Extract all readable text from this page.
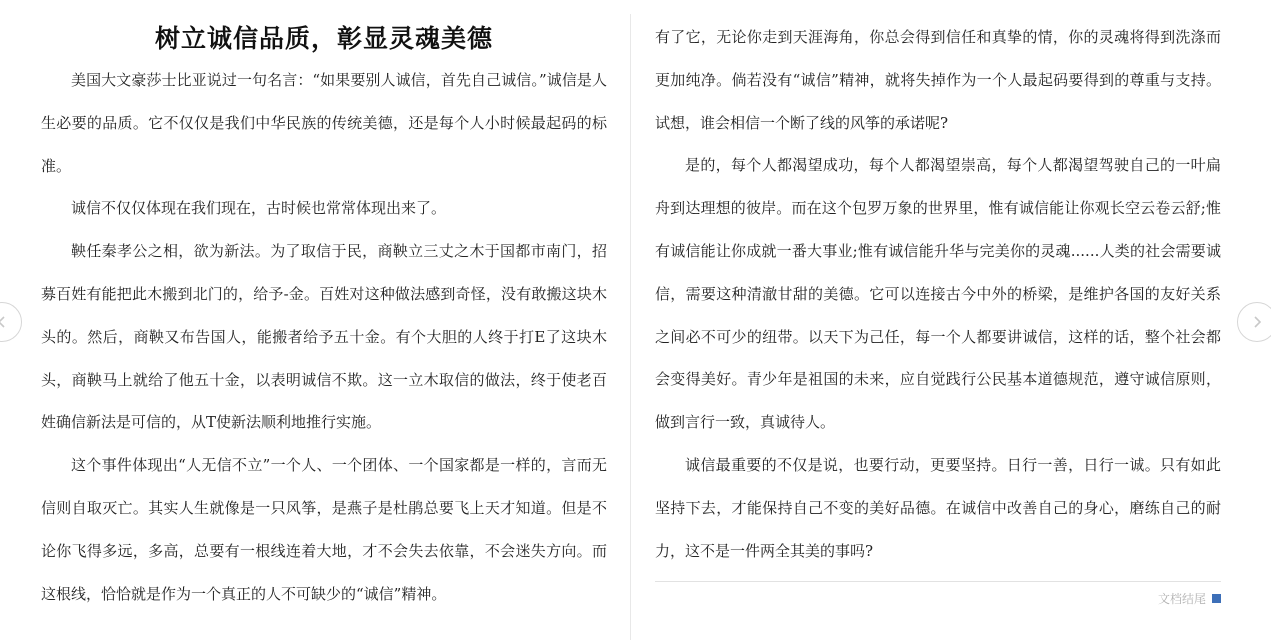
树立诚信品质，彰显灵魂美德

美国大文豪莎士比亚说过一句名言：“如果要别人诚信，首先自己诚信。”诚信是人生必要的品质。它不仅仅是我们中华民族的传统美德，还是每个人小时候最起码的标准。

诚信不仅仅体现在我们现在，古时候也常常体现出来了。

鞅任秦孝公之相，欲为新法。为了取信于民，商鞅立三丈之木于国都市南门，招募百姓有能把此木搬到北门的，给予-金。百姓对这种做法感到奇怪，没有敢搬这块木头的。然后，商鞅又布告国人，能搬者给予五十金。有个大胆的人终于打E了这块木头，商鞅马上就给了他五十金，以表明诚信不欺。这一立木取信的做法，终于使老百姓确信新法是可信的，从T使新法顺利地推行实施。

这个事件体现出“人无信不立”一个人、一个团体、一个国家都是一样的，言而无信则自取灭亡。其实人生就像是一只风筝，是燕子是杜鹃总要飞上天才知道。但是不论你飞得多远，多高，总要有一根线连着大地，才不会失去依靠，不会迷失方向。而这根线，恰恰就是作为一个真正的人不可缺少的“诚信”精神。

有了它，无论你走到天涯海角，你总会得到信任和真挚的情，你的灵魂将得到洗涤而更加纯净。倘若没有“诚信”精神，就将失掉作为一个人最起码要得到的尊重与支持。试想，谁会相信一个断了线的风筝的承诺呢?

是的，每个人都渴望成功，每个人都渴望崇高，每个人都渴望驾驶自己的一叶扁舟到达理想的彼岸。而在这个包罗万象的世界里，惟有诚信能让你观长空云卷云舒;惟有诚信能让你成就一番大事业;惟有诚信能升华与完美你的灵魂......人类的社会需要诚信，需要这种清澈甘甜的美德。它可以连接古今中外的桥梁，是维护各国的友好关系之间必不可少的纽带。以天下为己任，每一个人都要讲诚信，这样的话，整个社会都会变得美好。青少年是祖国的未来，应自觉践行公民基本道德规范，遵守诚信原则，做到言行一致，真诚待人。

诚信最重要的不仅是说，也要行动，更要坚持。日行一善，日行一诚。只有如此坚持下去，才能保持自己不变的美好品德。在诚信中改善自己的身心，磨练自己的耐力，这不是一件两全其美的事吗?

文档结尾
